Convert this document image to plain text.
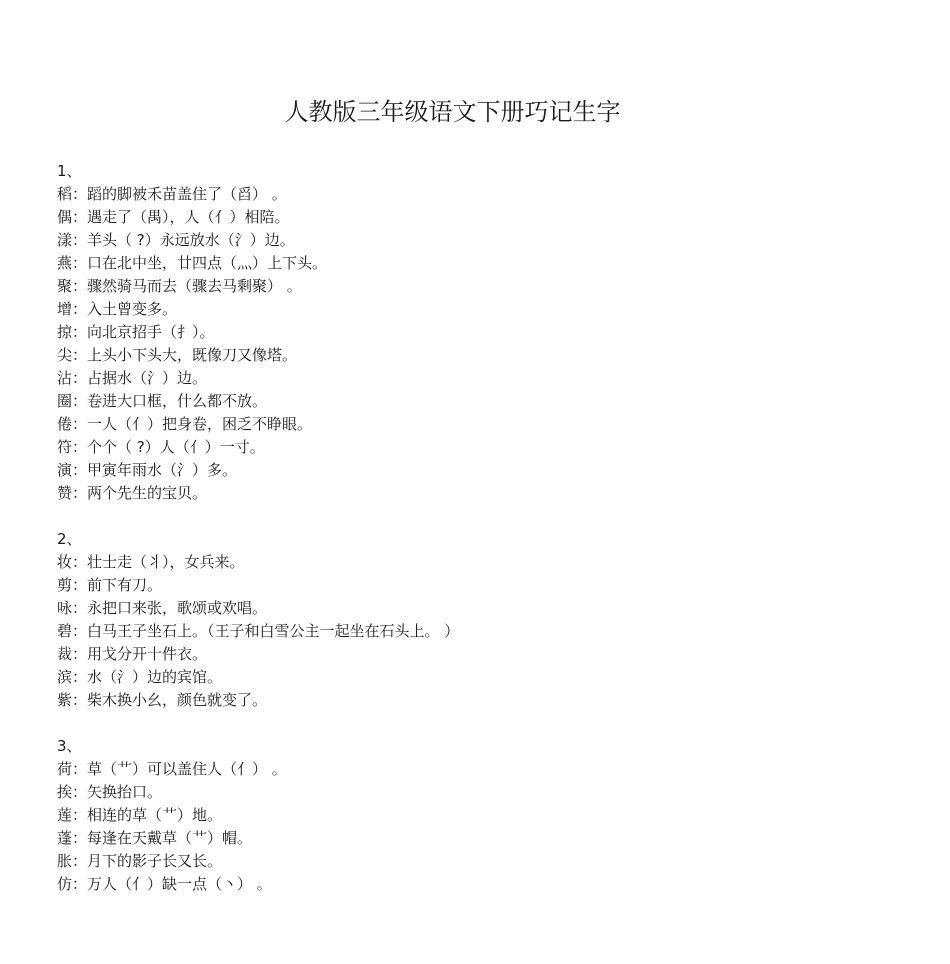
人教版三年级语文下册巧记生字
1、
稻：蹈的脚被禾苗盖住了（舀） 。
偶：遇走了（禺），人（亻）相陪。
漾：羊头（ ?）永远放水（氵）边。
燕：口在北中坐，廿四点（灬）上下头。
聚：骤然骑马而去（骤去马剩聚） 。
增：入土曾变多。
掠：向北京招手（扌）。
尖：上头小下头大，既像刀又像塔。
沾：占据水（氵）边。
圈：卷进大口框，什么都不放。
倦：一人（亻）把身卷，困乏不睁眼。
符：个个（ ?）人（亻）一寸。
演：甲寅年雨水（氵）多。
赞：两个先生的宝贝。
2、
妆：壮士走（丬），女兵来。
剪：前下有刀。
咏：永把口来张，歌颂或欢唱。
碧：白马王子坐石上。（王子和白雪公主一起坐在石头上。 ）
裁：用戈分开十件衣。
滨：水（氵）边的宾馆。
紫：柴木换小幺，颜色就变了。
3、
荷：草（艹）可以盖住人（亻） 。
挨：矢换抬口。
莲：相连的草（艹）地。
蓬：每逢在天戴草（艹）帽。
胀：月下的影子长又长。
仿：万人（亻）缺一点（丶） 。
